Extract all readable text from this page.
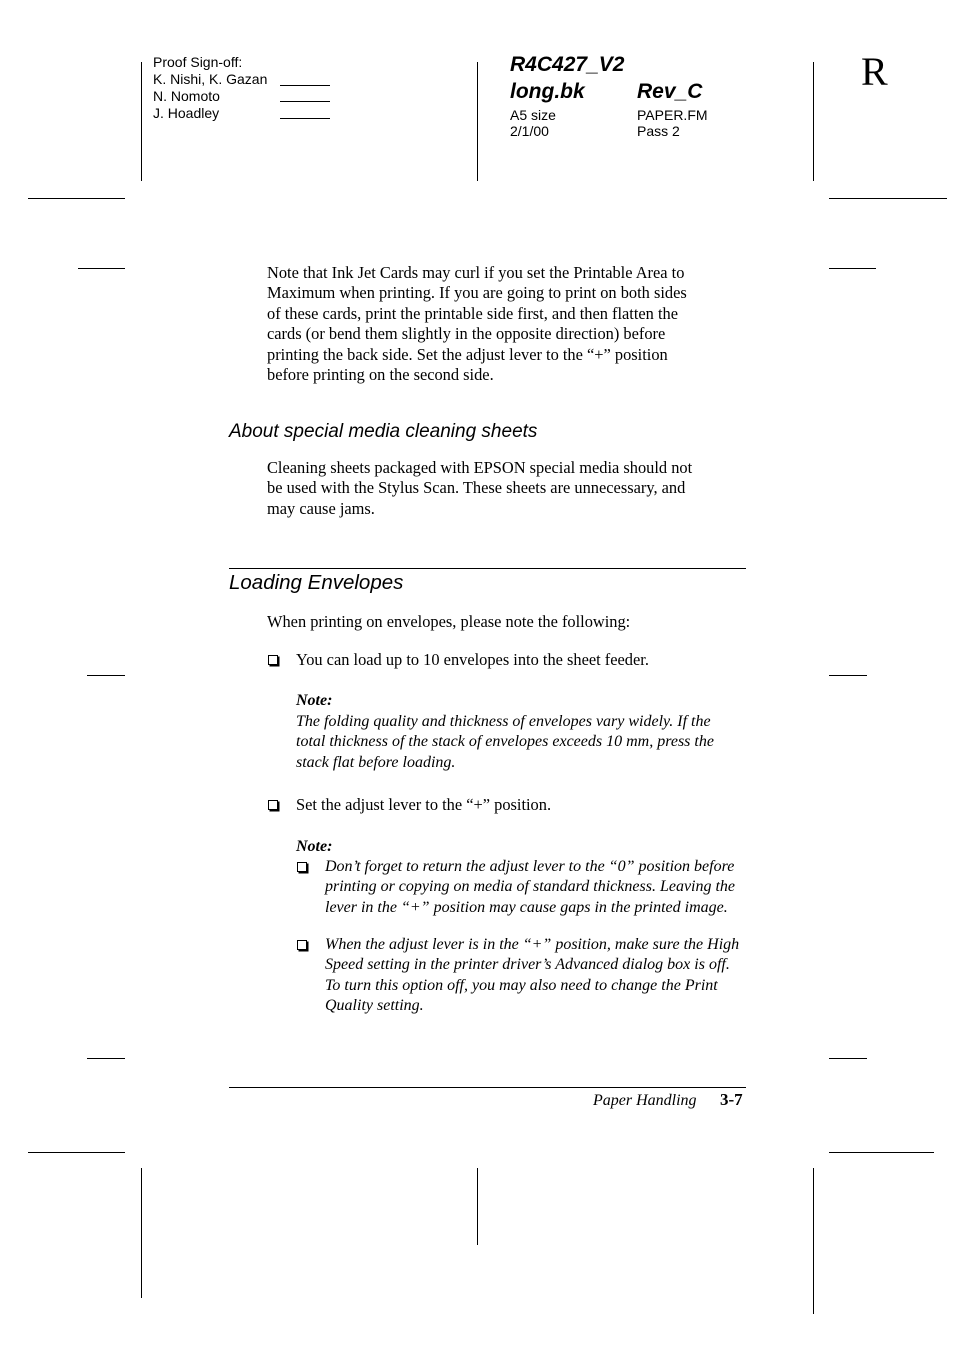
Proof Sign-off:
K. Nishi, K. Gazan
N. Nomoto
J. Hoadley
R4C427_V2
long.bk Rev_C
A5 size
2/1/00
PAPER.FM
Pass 2
R
Note that Ink Jet Cards may curl if you set the Printable Area to
Maximum when printing. If you are going to print on both sides
of these cards, print the printable side first, and then flatten the
cards (or bend them slightly in the opposite direction) before
printing the back side. Set the adjust lever to the “+” position
before printing on the second side.
About special media cleaning sheets
Cleaning sheets packaged with EPSON special media should not
be used with the Stylus Scan. These sheets are unnecessary, and
may cause jams.
Loading Envelopes
When printing on envelopes, please note the following:
You can load up to 10 envelopes into the sheet feeder.
Note:
The folding quality and thickness of envelopes vary widely. If the
total thickness of the stack of envelopes exceeds 10 mm, press the
stack flat before loading.
Set the adjust lever to the “+” position.
Note:
Don’t forget to return the adjust lever to the “0” position before
printing or copying on media of standard thickness. Leaving the
lever in the “+” position may cause gaps in the printed image.
When the adjust lever is in the “+” position, make sure the High
Speed setting in the printer driver’s Advanced dialog box is off.
To turn this option off, you may also need to change the Print
Quality setting.
Paper Handling 3-7
